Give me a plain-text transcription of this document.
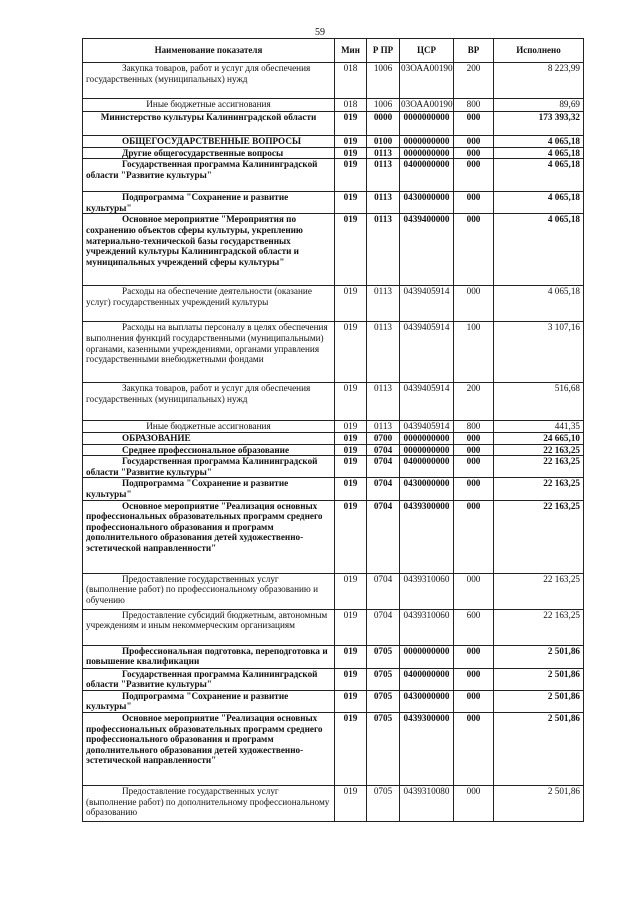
59
Наименование показателя	Мин	Р ПР	ЦСР	ВР	Исполнено
Закупка товаров, работ и услуг для обеспечения государственных (муниципальных) нужд	018	1006	03ОАА00190	200	8 223,99
Иные бюджетные ассигнования	018	1006	03ОАА00190	800	89,69
Министерство культуры Калининградской области	019	0000	0000000000	000	173 393,32
ОБЩЕГОСУДАРСТВЕННЫЕ ВОПРОСЫ	019	0100	0000000000	000	4 065,18
Другие общегосударственные вопросы	019	0113	0000000000	000	4 065,18
Государственная программа Калининградской области "Развитие культуры"	019	0113	0400000000	000	4 065,18
Подпрограмма "Сохранение и развитие культуры"	019	0113	0430000000	000	4 065,18
Основное мероприятие "Мероприятия по сохранению объектов сферы культуры, укреплению материально-технической базы государственных учреждений культуры Калининградской области и муниципальных учреждений сферы культуры"	019	0113	0439400000	000	4 065,18
Расходы на обеспечение деятельности (оказание услуг) государственных учреждений культуры	019	0113	0439405914	000	4 065,18
Расходы на выплаты персоналу в целях обеспечения выполнения функций государственными (муниципальными) органами, казенными учреждениями, органами управления государственными внебюджетными фондами	019	0113	0439405914	100	3 107,16
Закупка товаров, работ и услуг для обеспечения государственных (муниципальных) нужд	019	0113	0439405914	200	516,68
Иные бюджетные ассигнования	019	0113	0439405914	800	441,35
ОБРАЗОВАНИЕ	019	0700	0000000000	000	24 665,10
Среднее профессиональное образование	019	0704	0000000000	000	22 163,25
Государственная программа Калининградской области "Развитие культуры"	019	0704	0400000000	000	22 163,25
Подпрограмма "Сохранение и развитие культуры"	019	0704	0430000000	000	22 163,25
Основное мероприятие "Реализация основных профессиональных образовательных программ среднего профессионального образования и программ дополнительного образования детей художественно-эстетической направленности"	019	0704	0439300000	000	22 163,25
Предоставление государственных услуг (выполнение работ) по профессиональному образованию и обучению	019	0704	0439310060	000	22 163,25
Предоставление субсидий бюджетным, автономным учреждениям и иным некоммерческим организациям	019	0704	0439310060	600	22 163,25
Профессиональная подготовка, переподготовка и повышение квалификации	019	0705	0000000000	000	2 501,86
Государственная программа Калининградской области "Развитие культуры"	019	0705	0400000000	000	2 501,86
Подпрограмма "Сохранение и развитие культуры"	019	0705	0430000000	000	2 501,86
Основное мероприятие "Реализация основных профессиональных образовательных программ среднего профессионального образования и программ дополнительного образования детей художественно-эстетической направленности"	019	0705	0439300000	000	2 501,86
Предоставление государственных услуг (выполнение работ) по дополнительному профессиональному образованию	019	0705	0439310080	000	2 501,86
